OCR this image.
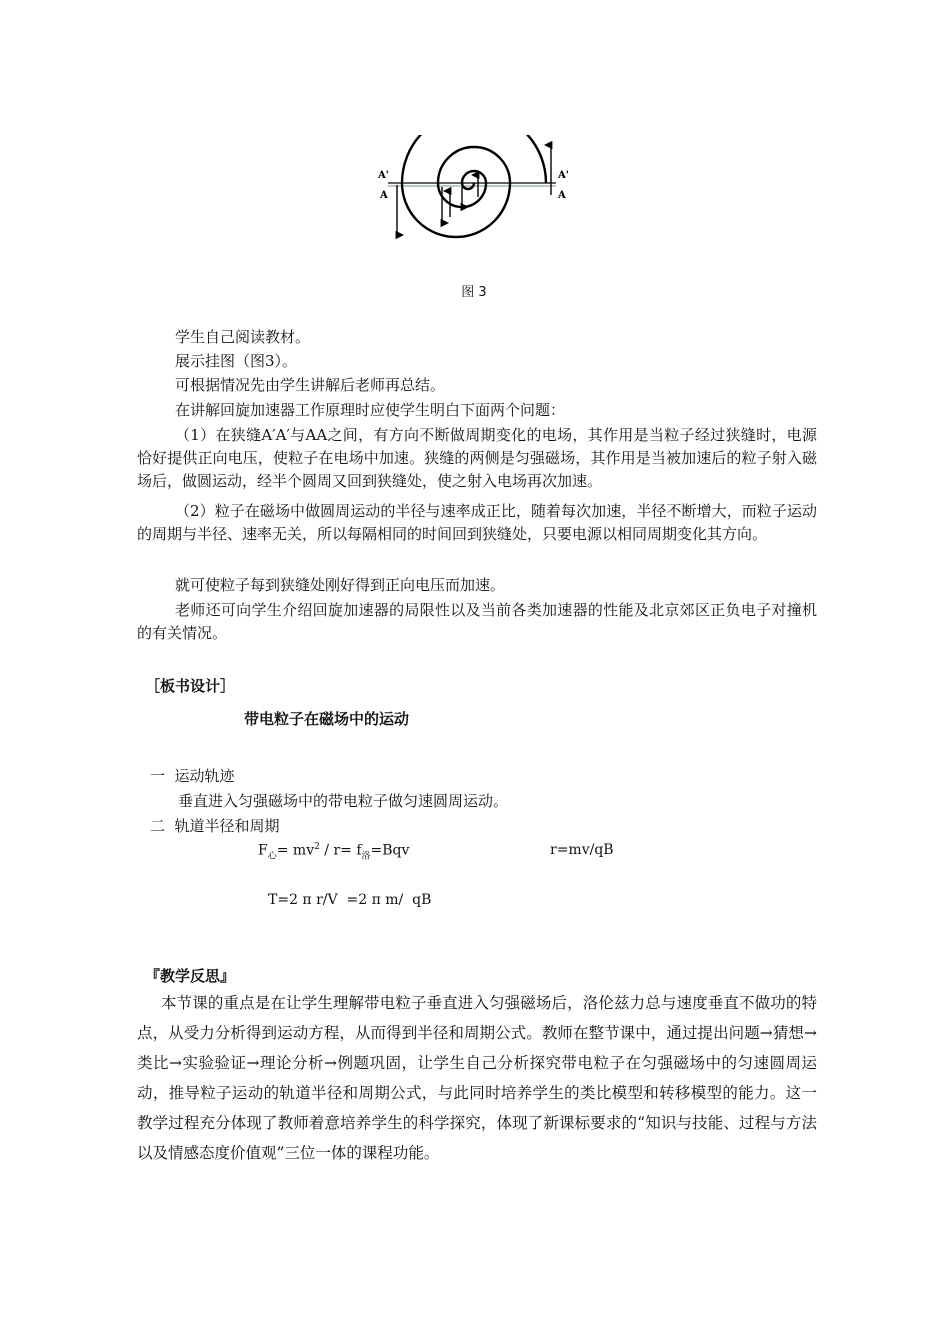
A'
A
A'
A
图 3
学生自己阅读教材。
展示挂图（图3）。
可根据情况先由学生讲解后老师再总结。
在讲解回旋加速器工作原理时应使学生明白下面两个问题：
（1）在狭缝A′A′与AA之间，有方向不断做周期变化的电场，其作用是当粒子经过狭缝时，电源恰好提供正向电压，使粒子在电场中加速。狭缝的两侧是匀强磁场，其作用是当被加速后的粒子射入磁场后，做圆运动，经半个圆周又回到狭缝处，使之射入电场再次加速。
（2）粒子在磁场中做圆周运动的半径与速率成正比，随着每次加速，半径不断增大，而粒子运动的周期与半径、速率无关，所以每隔相同的时间回到狭缝处，只要电源以相同周期变化其方向。
就可使粒子每到狭缝处刚好得到正向电压而加速。
老师还可向学生介绍回旋加速器的局限性以及当前各类加速器的性能及北京郊区正负电子对撞机的有关情况。
［板书设计］
带电粒子在磁场中的运动
一  运动轨迹
垂直进入匀强磁场中的带电粒子做匀速圆周运动。
二  轨道半径和周期
$F_心= mv^2 / r= f_洛=Bqv$	r=mv/qB
T=2 π r/V  =2 π m/  qB
『教学反思』
本节课的重点是在让学生理解带电粒子垂直进入匀强磁场后，洛伦兹力总与速度垂直不做功的特点，从受力分析得到运动方程，从而得到半径和周期公式。教师在整节课中，通过提出问题→猜想→类比→实验验证→理论分析→例题巩固，让学生自己分析探究带电粒子在匀强磁场中的匀速圆周运动，推导粒子运动的轨道半径和周期公式，与此同时培养学生的类比模型和转移模型的能力。这一教学过程充分体现了教师着意培养学生的科学探究，体现了新课标要求的“知识与技能、过程与方法以及情感态度价值观”三位一体的课程功能。
